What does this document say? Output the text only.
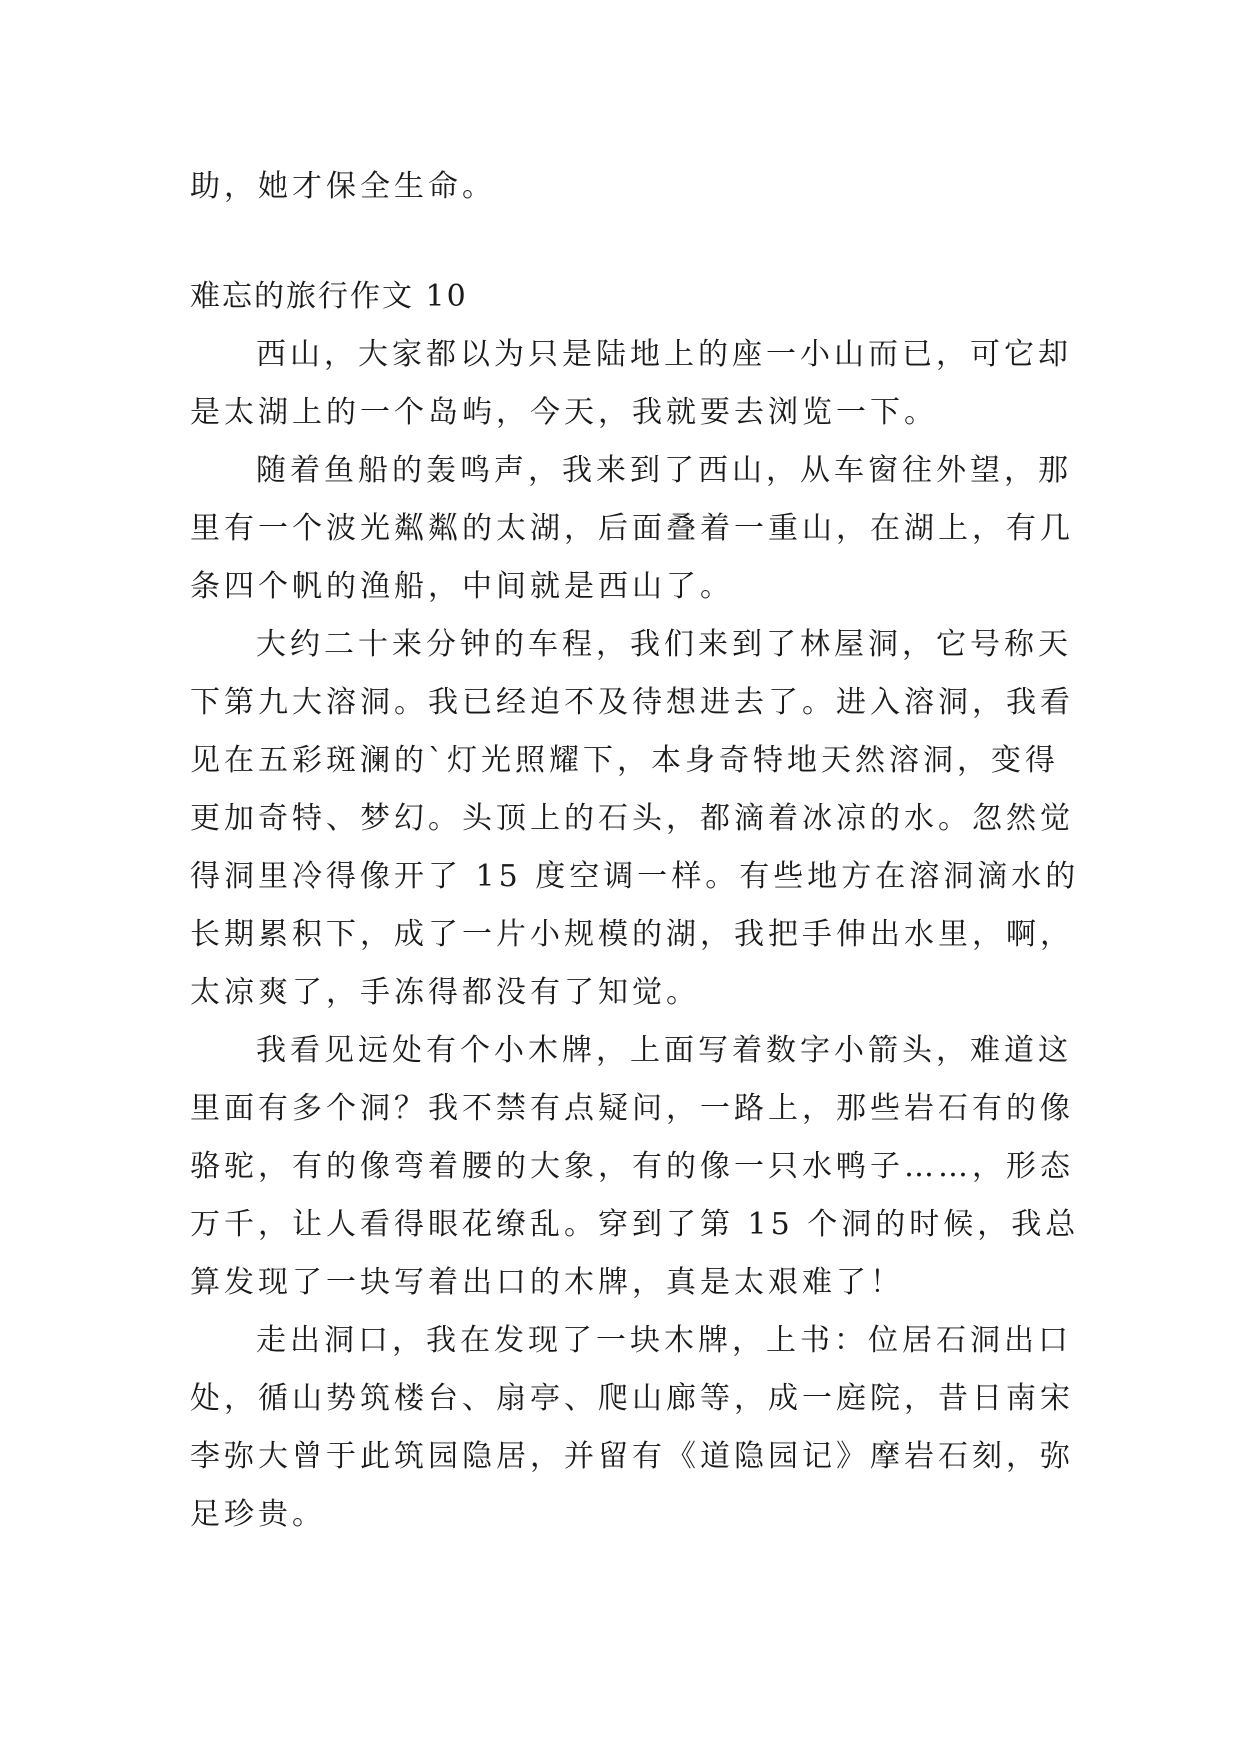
助，她才保全生命。
难忘的旅行作文 10
西山，大家都以为只是陆地上的座一小山而已，可它却
是太湖上的一个岛屿，今天，我就要去浏览一下。
随着鱼船的轰鸣声，我来到了西山，从车窗往外望，那
里有一个波光粼粼的太湖，后面叠着一重山，在湖上，有几
条四个帆的渔船，中间就是西山了。
大约二十来分钟的车程，我们来到了林屋洞，它号称天
下第九大溶洞。我已经迫不及待想进去了。进入溶洞，我看
见在五彩斑澜的`灯光照耀下，本身奇特地天然溶洞，变得
更加奇特、梦幻。头顶上的石头，都滴着冰凉的水。忽然觉
得洞里冷得像开了 15 度空调一样。有些地方在溶洞滴水的
长期累积下，成了一片小规模的湖，我把手伸出水里，啊，
太凉爽了，手冻得都没有了知觉。
我看见远处有个小木牌，上面写着数字小箭头，难道这
里面有多个洞？我不禁有点疑问，一路上，那些岩石有的像
骆驼，有的像弯着腰的大象，有的像一只水鸭子……，形态
万千，让人看得眼花缭乱。穿到了第 15 个洞的时候，我总
算发现了一块写着出口的木牌，真是太艰难了！
走出洞口，我在发现了一块木牌，上书：位居石洞出口
处，循山势筑楼台、扇亭、爬山廊等，成一庭院，昔日南宋
李弥大曾于此筑园隐居，并留有《道隐园记》摩岩石刻，弥
足珍贵。
